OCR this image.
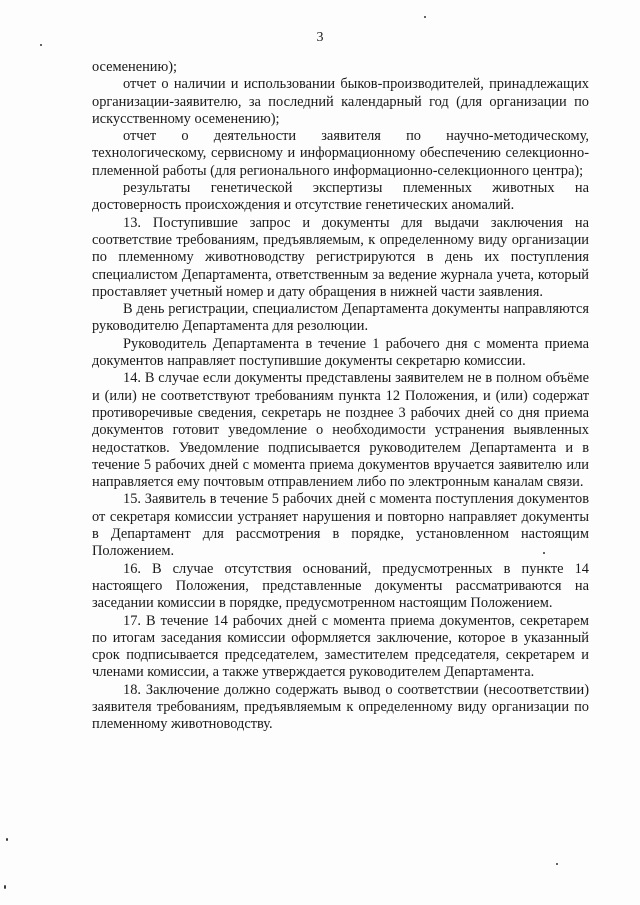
3

осеменению);

отчет о наличии и использовании быков-производителей, принадлежащих организации-заявителю, за последний календарный год (для организации по искусственному осеменению);

отчет о деятельности заявителя по научно-методическому, технологическому, сервисному и информационному обеспечению селекционно-племенной работы (для регионального информационно-селекционного центра);

результаты генетической экспертизы племенных животных на достоверность происхождения и отсутствие генетических аномалий.

13. Поступившие запрос и документы для выдачи заключения на соответствие требованиям, предъявляемым, к определенному виду организации по племенному животноводству регистрируются в день их поступления специалистом Департамента, ответственным за ведение журнала учета, который проставляет учетный номер и дату обращения в нижней части заявления.

В день регистрации, специалистом Департамента документы направляются руководителю Департамента для резолюции.

Руководитель Департамента в течение 1 рабочего дня с момента приема документов направляет поступившие документы секретарю комиссии.

14. В случае если документы представлены заявителем не в полном объёме и (или) не соответствуют требованиям пункта 12 Положения, и (или) содержат противоречивые сведения, секретарь не позднее 3 рабочих дней со дня приема документов готовит уведомление о необходимости устранения выявленных недостатков. Уведомление подписывается руководителем Департамента и в течение 5 рабочих дней с момента приема документов вручается заявителю или направляется ему почтовым отправлением либо по электронным каналам связи.

15. Заявитель в течение 5 рабочих дней с момента поступления документов от секретаря комиссии устраняет нарушения и повторно направляет документы в Департамент для рассмотрения в порядке, установленном настоящим Положением.

16. В случае отсутствия оснований, предусмотренных в пункте 14 настоящего Положения, представленные документы рассматриваются на заседании комиссии в порядке, предусмотренном настоящим Положением.

17. В течение 14 рабочих дней с момента приема документов, секретарем по итогам заседания комиссии оформляется заключение, которое в указанный срок подписывается председателем, заместителем председателя, секретарем и членами комиссии, а также утверждается руководителем Департамента.

18. Заключение должно содержать вывод о соответствии (несоответствии) заявителя требованиям, предъявляемым к определенному виду организации по племенному животноводству.
